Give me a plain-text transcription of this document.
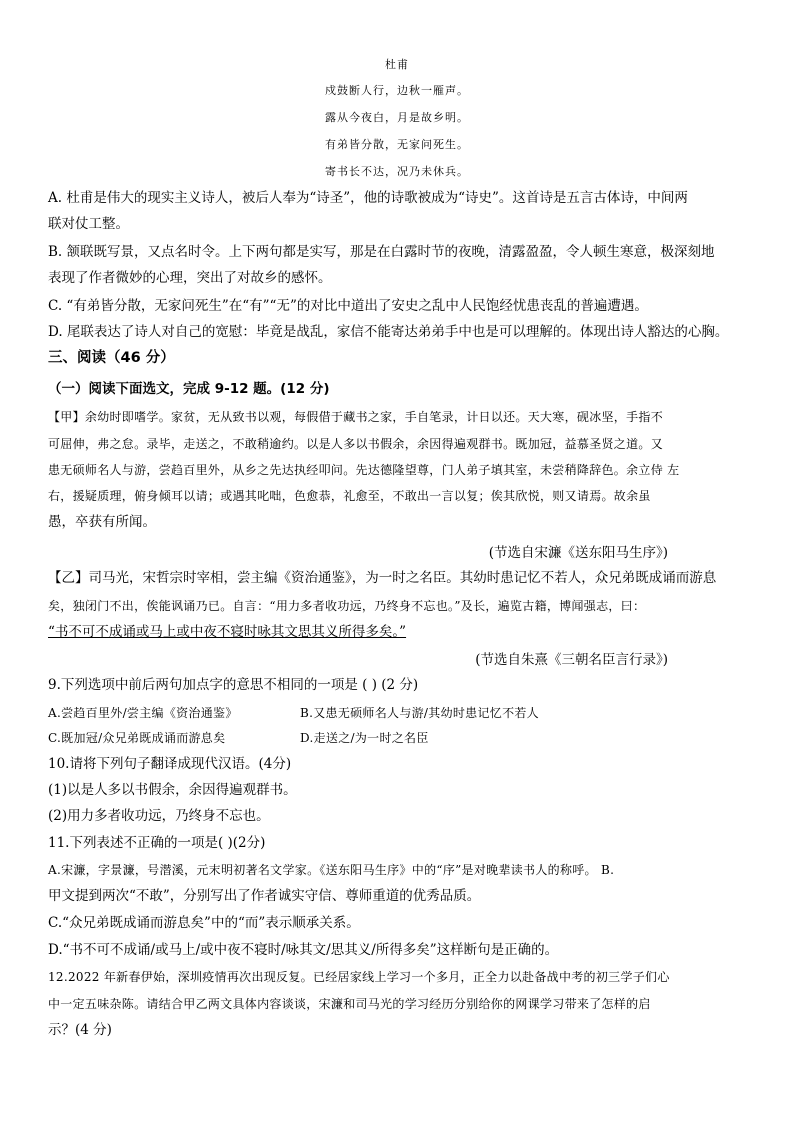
杜甫
戍鼓断人行，边秋一雁声。
露从今夜白，月是故乡明。
有弟皆分散，无家问死生。
寄书长不达，况乃未休兵。
A. 杜甫是伟大的现实主义诗人，被后人奉为“诗圣”，他的诗歌被成为“诗史”。这首诗是五言古体诗，中间两
联对仗工整。
B. 颔联既写景，又点名时令。上下两句都是实写，那是在白露时节的夜晚，清露盈盈，令人顿生寒意，极深刻地
表现了作者微妙的心理，突出了对故乡的感怀。
C. “有弟皆分散，无家问死生”在“有”“无”的对比中道出了安史之乱中人民饱经忧患丧乱的普遍遭遇。
D. 尾联表达了诗人对自己的宽慰：毕竟是战乱，家信不能寄达弟弟手中也是可以理解的。体现出诗人豁达的心胸。
三、阅读（46 分）
（一）阅读下面选文，完成 9-12 题。(12 分)
【甲】余幼时即嗜学。家贫，无从致书以观，每假借于藏书之家，手自笔录，计日以还。天大寒，砚冰坚，手指不
可屈伸，弗之怠。录毕，走送之，不敢稍逾约。以是人多以书假余，余因得遍观群书。既加冠，益慕圣贤之道。又
患无硕师名人与游，尝趋百里外，从乡之先达执经叩问。先达德隆望尊，门人弟子填其室，未尝稍降辞色。余立侍 左
右，援疑质理，俯身倾耳以请；或遇其叱咄，色愈恭，礼愈至，不敢出一言以复；俟其欣悦，则又请焉。故余虽
愚，卒获有所闻。
(节选自宋濂《送东阳马生序》)
【乙】司马光，宋哲宗时宰相，尝主编《资治通鉴》，为一时之名臣。其幼时患记忆不若人，众兄弟既成诵而游息
矣，独闭门不出，俟能讽诵乃已。自言：“用力多者收功远，乃终身不忘也。”及长，遍览古籍，博闻强志，曰：
“书不可不成诵或马上或中夜不寝时咏其文思其义所得多矣。”
(节选自朱熹《三朝名臣言行录》)
9.下列选项中前后两句加点字的意思不相同的一项是 ( ) (2 分)
A.尝趋百里外/尝主编《资治通鉴》	B.又患无硕师名人与游/其幼时患记忆不若人
C.既加冠/众兄弟既成诵而游息矣	D.走送之/为一时之名臣
10.请将下列句子翻译成现代汉语。(4分)
(1)以是人多以书假余，余因得遍观群书。
(2)用力多者收功远，乃终身不忘也。
11.下列表述不正确的一项是( )(2分)
A.宋濂，字景濂，号潜溪，元末明初著名文学家。《送东阳马生序》中的“序”是对晚辈读书人的称呼。 B.
甲文提到两次“不敢”，分别写出了作者诚实守信、尊师重道的优秀品质。
C.“众兄弟既成诵而游息矣”中的“而”表示顺承关系。
D.“书不可不成诵/或马上/或中夜不寝时/咏其文/思其义/所得多矣”这样断句是正确的。
12.2022 年新春伊始，深圳疫情再次出现反复。已经居家线上学习一个多月，正全力以赴备战中考的初三学子们心
中一定五味杂陈。请结合甲乙两文具体内容谈谈，宋濂和司马光的学习经历分别给你的网课学习带来了怎样的启
示？(4 分)
